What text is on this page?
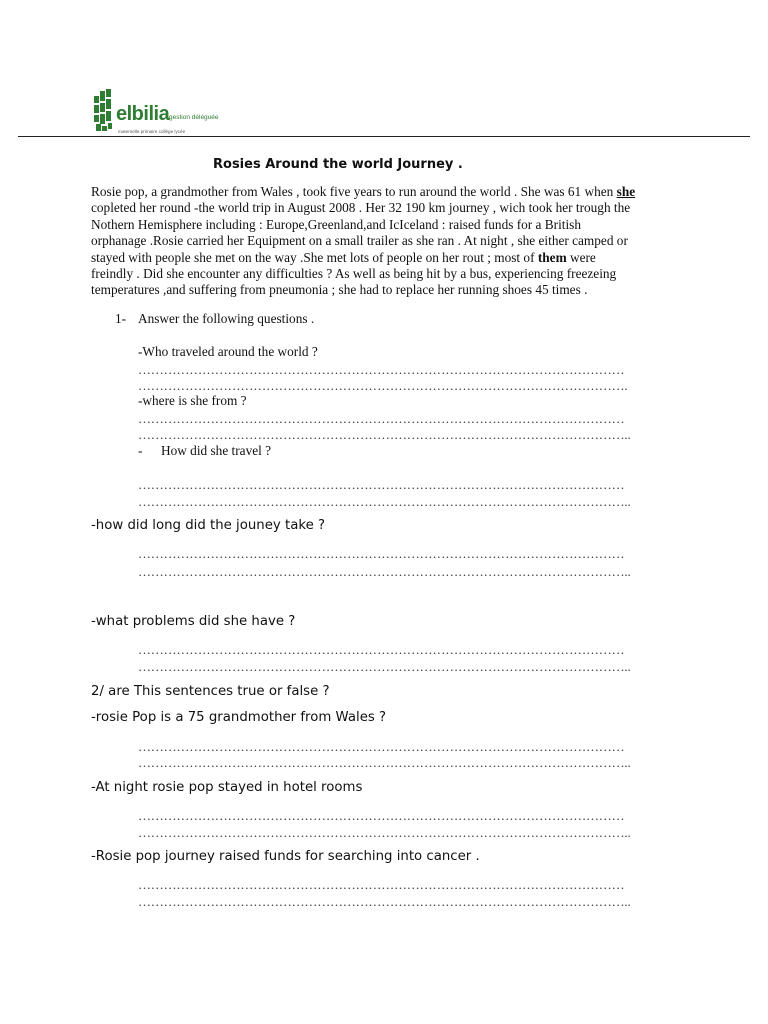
elbilia gestion déléguée
maternelle primaire collège lycée
Rosies Around the world Journey .

Rosie pop, a grandmother from Wales , took five years to run around the world . She was 61 when she

copleted her round -the world trip in August 2008 . Her 32 190 km journey , wich took her trough the

Nothern Hemisphere including : Europe,Greenland,and IcIceland : raised funds for a British

orphanage .Rosie carried her Equipment on a small trailer as she ran . At night , she either camped or

stayed with people she met on the way .She met lots of people on her rout ; most of them were

freindly . Did she encounter any difficulties ? As well as being hit by a bus, experiencing freezeing

temperatures ,and suffering from pneumonia ; she had to replace her running shoes 45 times .

1- Answer the following questions .
-Who traveled around the world ?
……………………………………………………………………………………………………
…………………………………………………………………………………………………….
-where is she from ?
……………………………………………………………………………………………………
……………………………………………………………………………………………………..
- How did she travel ?
……………………………………………………………………………………………………
……………………………………………………………………………………………………..
-how did long did the jouney take ?
……………………………………………………………………………………………………
……………………………………………………………………………………………………..
-what problems did she have ?
……………………………………………………………………………………………………
……………………………………………………………………………………………………..
2/ are This sentences true or false ?
-rosie Pop is a 75 grandmother from Wales ?
……………………………………………………………………………………………………
……………………………………………………………………………………………………..
-At night rosie pop stayed in hotel rooms
……………………………………………………………………………………………………
……………………………………………………………………………………………………..
-Rosie pop journey raised funds for searching into cancer .
……………………………………………………………………………………………………
……………………………………………………………………………………………………..
